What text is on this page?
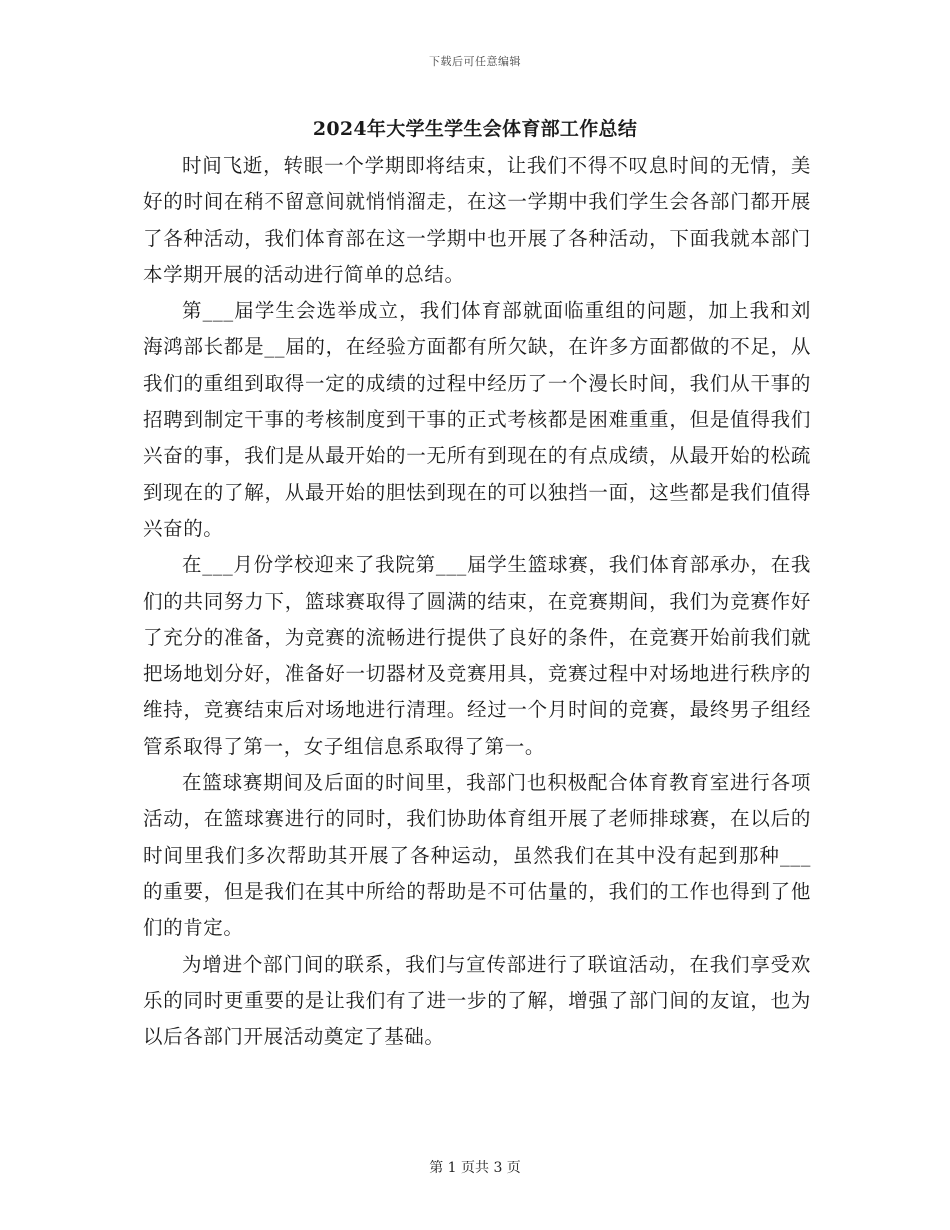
下载后可任意编辑
2024年大学生学生会体育部工作总结

时间飞逝，转眼一个学期即将结束，让我们不得不叹息时间的无情，美好的时间在稍不留意间就悄悄溜走，在这一学期中我们学生会各部门都开展了各种活动，我们体育部在这一学期中也开展了各种活动，下面我就本部门本学期开展的活动进行简单的总结。

第___届学生会选举成立，我们体育部就面临重组的问题，加上我和刘海鸿部长都是__届的，在经验方面都有所欠缺，在许多方面都做的不足，从我们的重组到取得一定的成绩的过程中经历了一个漫长时间，我们从干事的招聘到制定干事的考核制度到干事的正式考核都是困难重重，但是值得我们兴奋的事，我们是从最开始的一无所有到现在的有点成绩，从最开始的松疏到现在的了解，从最开始的胆怯到现在的可以独挡一面，这些都是我们值得兴奋的。

在___月份学校迎来了我院第___届学生篮球赛，我们体育部承办，在我们的共同努力下，篮球赛取得了圆满的结束，在竞赛期间，我们为竞赛作好了充分的准备，为竞赛的流畅进行提供了良好的条件，在竞赛开始前我们就把场地划分好，准备好一切器材及竞赛用具，竞赛过程中对场地进行秩序的维持，竞赛结束后对场地进行清理。经过一个月时间的竞赛，最终男子组经管系取得了第一，女子组信息系取得了第一。

在篮球赛期间及后面的时间里，我部门也积极配合体育教育室进行各项活动，在篮球赛进行的同时，我们协助体育组开展了老师排球赛，在以后的时间里我们多次帮助其开展了各种运动，虽然我们在其中没有起到那种___的重要，但是我们在其中所给的帮助是不可估量的，我们的工作也得到了他们的肯定。

为增进个部门间的联系，我们与宣传部进行了联谊活动，在我们享受欢乐的同时更重要的是让我们有了进一步的了解，增强了部门间的友谊，也为以后各部门开展活动奠定了基础。

第 1 页共 3 页
